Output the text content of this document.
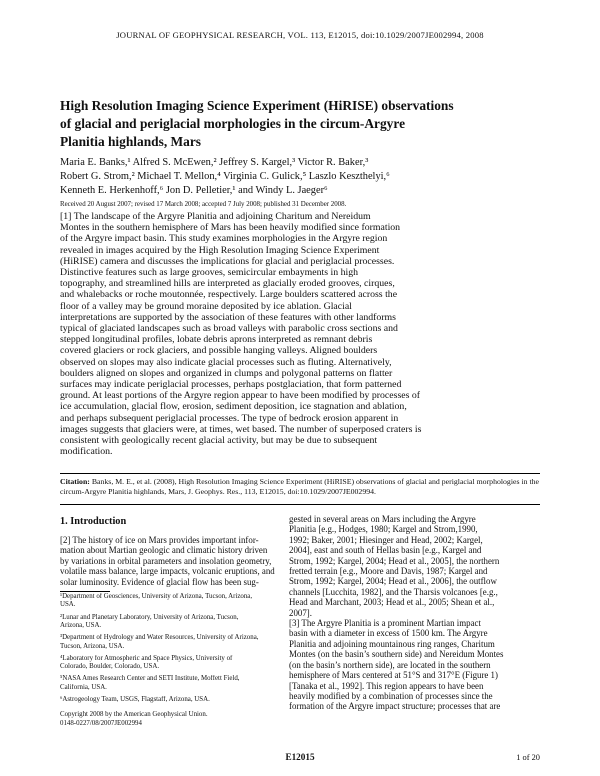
JOURNAL OF GEOPHYSICAL RESEARCH, VOL. 113, E12015, doi:10.1029/2007JE002994, 2008
High Resolution Imaging Science Experiment (HiRISE) observations
of glacial and periglacial morphologies in the circum-Argyre
Planitia highlands, Mars
Maria E. Banks,¹ Alfred S. McEwen,² Jeffrey S. Kargel,³ Victor R. Baker,³
Robert G. Strom,² Michael T. Mellon,⁴ Virginia C. Gulick,⁵ Laszlo Keszthelyi,⁶
Kenneth E. Herkenhoff,⁶ Jon D. Pelletier,¹ and Windy L. Jaeger⁶
Received 20 August 2007; revised 17 March 2008; accepted 7 July 2008; published 31 December 2008.
[1] The landscape of the Argyre Planitia and adjoining Charitum and Nereidum
Montes in the southern hemisphere of Mars has been heavily modified since formation
of the Argyre impact basin. This study examines morphologies in the Argyre region
revealed in images acquired by the High Resolution Imaging Science Experiment
(HiRISE) camera and discusses the implications for glacial and periglacial processes.
Distinctive features such as large grooves, semicircular embayments in high
topography, and streamlined hills are interpreted as glacially eroded grooves, cirques,
and whalebacks or roche moutonnée, respectively. Large boulders scattered across the
floor of a valley may be ground moraine deposited by ice ablation. Glacial
interpretations are supported by the association of these features with other landforms
typical of glaciated landscapes such as broad valleys with parabolic cross sections and
stepped longitudinal profiles, lobate debris aprons interpreted as remnant debris
covered glaciers or rock glaciers, and possible hanging valleys. Aligned boulders
observed on slopes may also indicate glacial processes such as fluting. Alternatively,
boulders aligned on slopes and organized in clumps and polygonal patterns on flatter
surfaces may indicate periglacial processes, perhaps postglaciation, that form patterned
ground. At least portions of the Argyre region appear to have been modified by processes of
ice accumulation, glacial flow, erosion, sediment deposition, ice stagnation and ablation,
and perhaps subsequent periglacial processes. The type of bedrock erosion apparent in
images suggests that glaciers were, at times, wet based. The number of superposed craters is
consistent with geologically recent glacial activity, but may be due to subsequent
modification.
Citation: Banks, M. E., et al. (2008), High Resolution Imaging Science Experiment (HiRISE) observations of glacial and periglacial morphologies in the circum-Argyre Planitia highlands, Mars, J. Geophys. Res., 113, E12015, doi:10.1029/2007JE002994.
1. Introduction
[2] The history of ice on Mars provides important infor-
mation about Martian geologic and climatic history driven
by variations in orbital parameters and insolation geometry,
volatile mass balance, large impacts, volcanic eruptions, and
solar luminosity. Evidence of glacial flow has been sug-
¹Department of Geosciences, University of Arizona, Tucson, Arizona,
USA.
²Lunar and Planetary Laboratory, University of Arizona, Tucson,
Arizona, USA.
³Department of Hydrology and Water Resources, University of Arizona,
Tucson, Arizona, USA.
⁴Laboratory for Atmospheric and Space Physics, University of
Colorado, Boulder, Colorado, USA.
⁵NASA Ames Research Center and SETI Institute, Moffett Field,
California, USA.
⁶Astrogeology Team, USGS, Flagstaff, Arizona, USA.
Copyright 2008 by the American Geophysical Union.
0148-0227/08/2007JE002994
gested in several areas on Mars including the Argyre
Planitia [e.g., Hodges, 1980; Kargel and Strom,1990,
1992; Baker, 2001; Hiesinger and Head, 2002; Kargel,
2004], east and south of Hellas basin [e.g., Kargel and
Strom, 1992; Kargel, 2004; Head et al., 2005], the northern
fretted terrain [e.g., Moore and Davis, 1987; Kargel and
Strom, 1992; Kargel, 2004; Head et al., 2006], the outflow
channels [Lucchita, 1982], and the Tharsis volcanoes [e.g.,
Head and Marchant, 2003; Head et al., 2005; Shean et al.,
2007].
[3] The Argyre Planitia is a prominent Martian impact
basin with a diameter in excess of 1500 km. The Argyre
Planitia and adjoining mountainous ring ranges, Charitum
Montes (on the basin’s southern side) and Nereidum Montes
(on the basin’s northern side), are located in the southern
hemisphere of Mars centered at 51°S and 317°E (Figure 1)
[Tanaka et al., 1992]. This region appears to have been
heavily modified by a combination of processes since the
formation of the Argyre impact structure; processes that are
E12015	1 of 20
